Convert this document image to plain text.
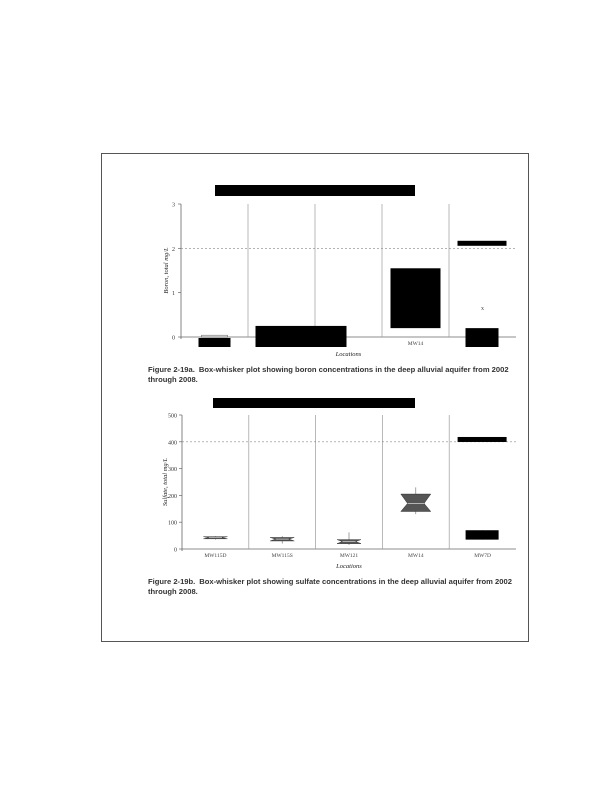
0
1
2
3
Boron, total mg/L
MW14
x
Locations
Figure 2-19a. Box-whisker plot showing boron concentrations in the deep alluvial aquifer from 2002 through 2008.
0
100
200
300
400
500
Sulfate, total mg/L
MW115D	MW115S	MW121	MW14	MW7D
Locations
Figure 2-19b. Box-whisker plot showing sulfate concentrations in the deep alluvial aquifer from 2002 through 2008.
